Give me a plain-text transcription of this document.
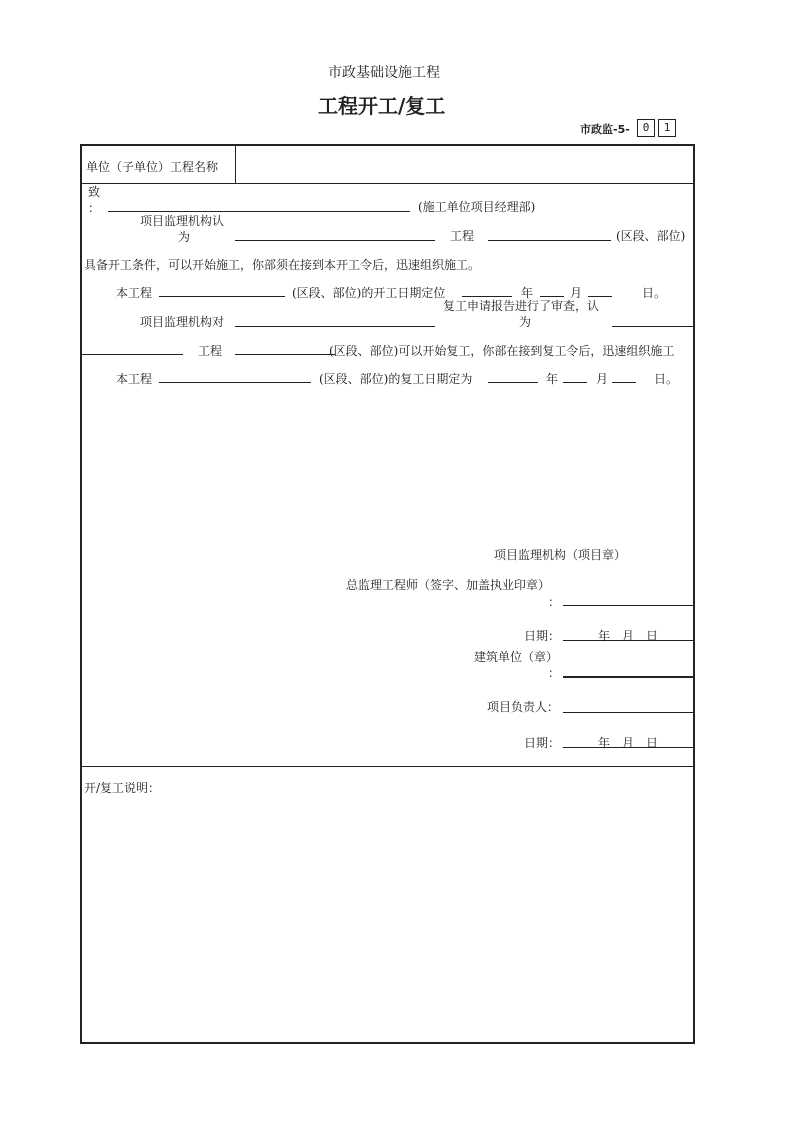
市政基础设施工程
工程开工/复工
市政监-5-	0	1
单位（子单位）工程名称
致
：	(施工单位项目经理部)
项目监理机构认
为	工程	(区段、部位)
具备开工条件，可以开始施工，你部须在接到本开工令后，迅速组织施工。
本工程	(区段、部位)的开工日期定位	年	月	日。
项目监理机构对
复工申请报告进行了审查，认
为
工程	(区段、部位)可以开始复工，你部在接到复工令后，迅速组织施工
本工程	(区段、部位)的复工日期定为	年	月	日。
项目监理机构（项目章）
总监理工程师（签字、加盖执业印章）
：
日期：	年　月　日
建筑单位（章）
：
项目负责人：
日期：	年　月　日
开/复工说明：
